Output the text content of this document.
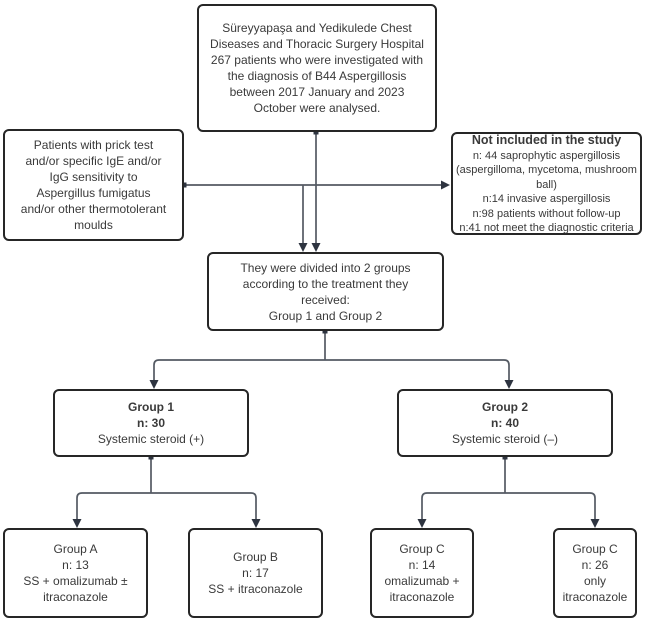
Süreyyapaşa and Yedikulede Chest Diseases and Thoracic Surgery Hospital 267 patients who were investigated with the diagnosis of B44 Aspergillosis between 2017 January and 2023 October were analysed.
Patients with prick test and/or specific IgE and/or IgG sensitivity to Aspergillus fumigatus and/or other thermotolerant moulds
Not included in the study
n: 44 saprophytic aspergillosis (aspergilloma, mycetoma, mushroom ball)
n:14 invasive aspergillosis
n:98 patients without follow-up
n:41 not meet the diagnostic criteria
They were divided into 2 groups according to the treatment they received:
Group 1 and Group 2
Group 1
n: 30
Systemic steroid (+)
Group 2
n: 40
Systemic steroid (–)
Group A
n: 13
SS + omalizumab ± itraconazole
Group B
n: 17
SS + itraconazole
Group C
n: 14
omalizumab + itraconazole
Group C
n: 26
only itraconazole
